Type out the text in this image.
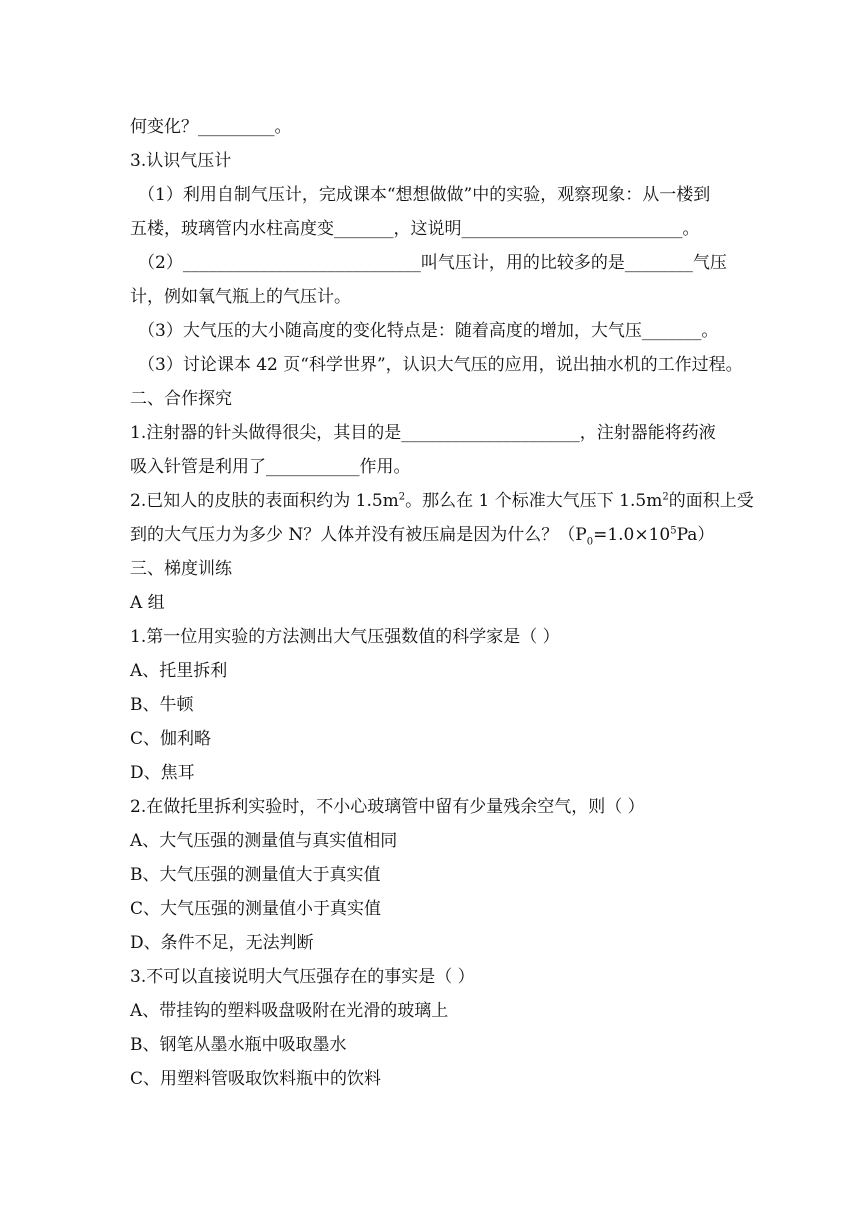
何变化？_________。
3.认识气压计
（1）利用自制气压计，完成课本“想想做做”中的实验，观察现象：从一楼到
五楼，玻璃管内水柱高度变_______，这说明__________________________。
（2）____________________________叫气压计，用的比较多的是________气压
计，例如氧气瓶上的气压计。
（3）大气压的大小随高度的变化特点是：随着高度的增加，大气压_______。
（3）讨论课本 42 页“科学世界”，认识大气压的应用，说出抽水机的工作过程。
二、合作探究
1.注射器的针头做得很尖，其目的是_____________________，注射器能将药液
吸入针管是利用了___________作用。
2.已知人的皮肤的表面积约为 $1.5m^2$。那么在 1 个标准大气压下 $1.5m^2$的面积上受
到的大气压力为多少 N？人体并没有被压扁是因为什么？$(P_0=1.0\times 10^5Pa)$
三、梯度训练
A 组
1.第一位用实验的方法测出大气压强数值的科学家是（ ）
A、托里拆利
B、牛顿
C、伽利略
D、焦耳
2.在做托里拆利实验时，不小心玻璃管中留有少量残余空气，则（ ）
A、大气压强的测量值与真实值相同
B、大气压强的测量值大于真实值
C、大气压强的测量值小于真实值
D、条件不足，无法判断
3.不可以直接说明大气压强存在的事实是（ ）
A、带挂钩的塑料吸盘吸附在光滑的玻璃上
B、钢笔从墨水瓶中吸取墨水
C、用塑料管吸取饮料瓶中的饮料
